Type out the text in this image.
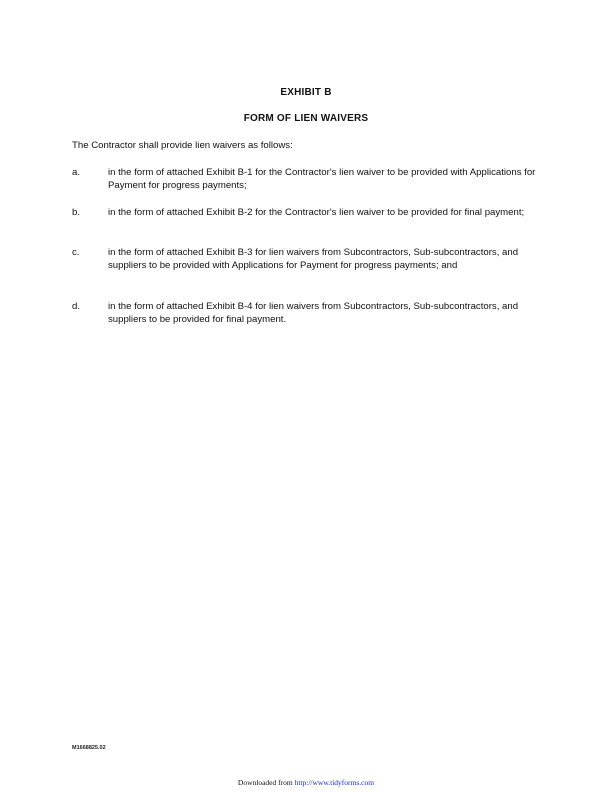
EXHIBIT B
FORM OF LIEN WAIVERS
The Contractor shall provide lien waivers as follows:
a.	in the form of attached Exhibit B-1 for the Contractor's lien waiver to be provided with Applications for Payment for progress payments;
b.	in the form of attached Exhibit B-2 for the Contractor's lien waiver to be provided for final payment;
c.	in the form of attached Exhibit B-3 for lien waivers from Subcontractors, Sub-subcontractors, and suppliers to be provided with Applications for Payment for progress payments; and
d.	in the form of attached Exhibit B-4 for lien waivers from Subcontractors, Sub-subcontractors, and suppliers to be provided for final payment.
M1668825.02
Downloaded from http://www.tidyforms.com
